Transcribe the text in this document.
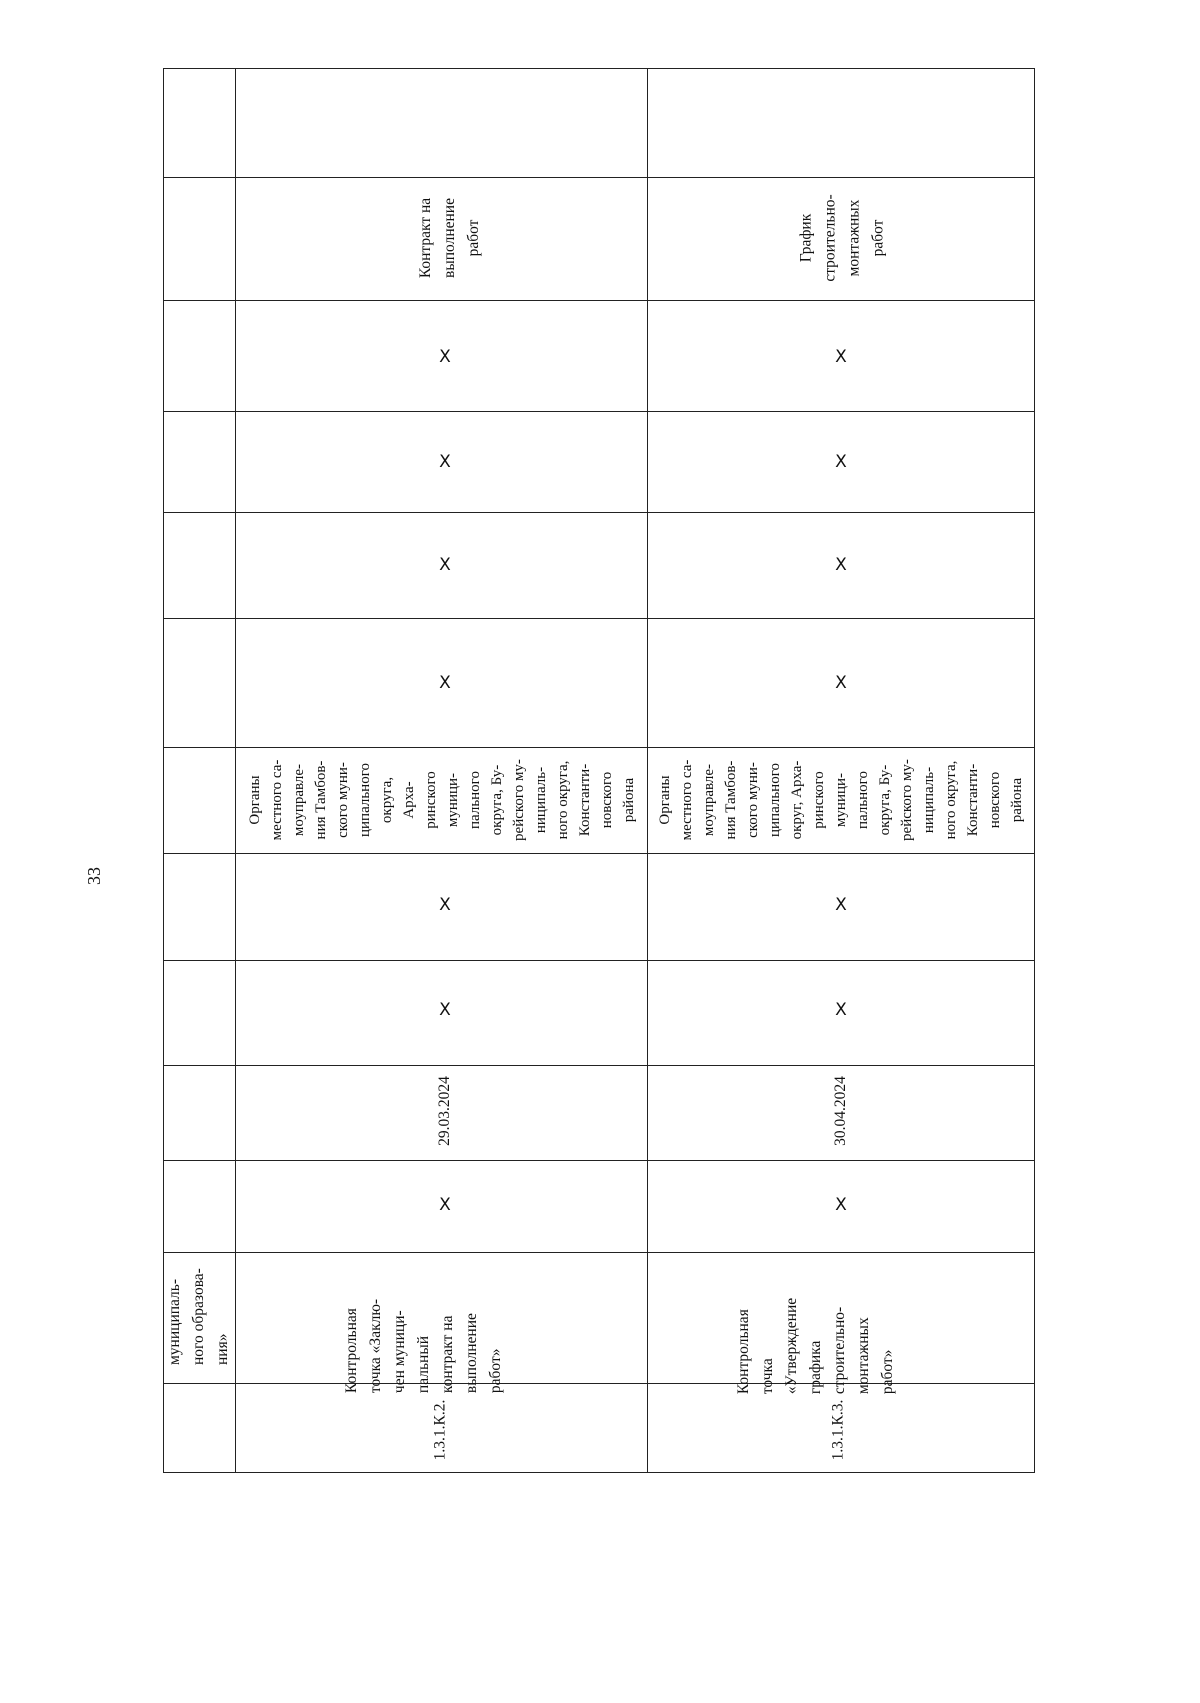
33
муниципаль- ного образова- ния»
1.3.1.К.2.
Контрольная точка «Заклю- чен муници- пальный контракт на выполнение работ»
X
29.03.2024
X
X
Органы местного са- моуправле- ния Тамбов- ского муни- ципального округа, Арха- ринского муници- пального округа, Бу- рейского му- ниципаль- ного округа, Константи- новского района
X
X
X
X
Контракт на выполнение работ
1.3.1.К.3.
Контрольная точка «Утверждение графика строительно- монтажных работ»
X
30.04.2024
X
X
Органы местного са- моуправле- ния Тамбов- ского муни- ципального округ, Арха- ринского муници- пального округа, Бу- рейского му- ниципаль- ного округа, Константи- новского района
X
X
X
X
График строительно- монтажных работ
